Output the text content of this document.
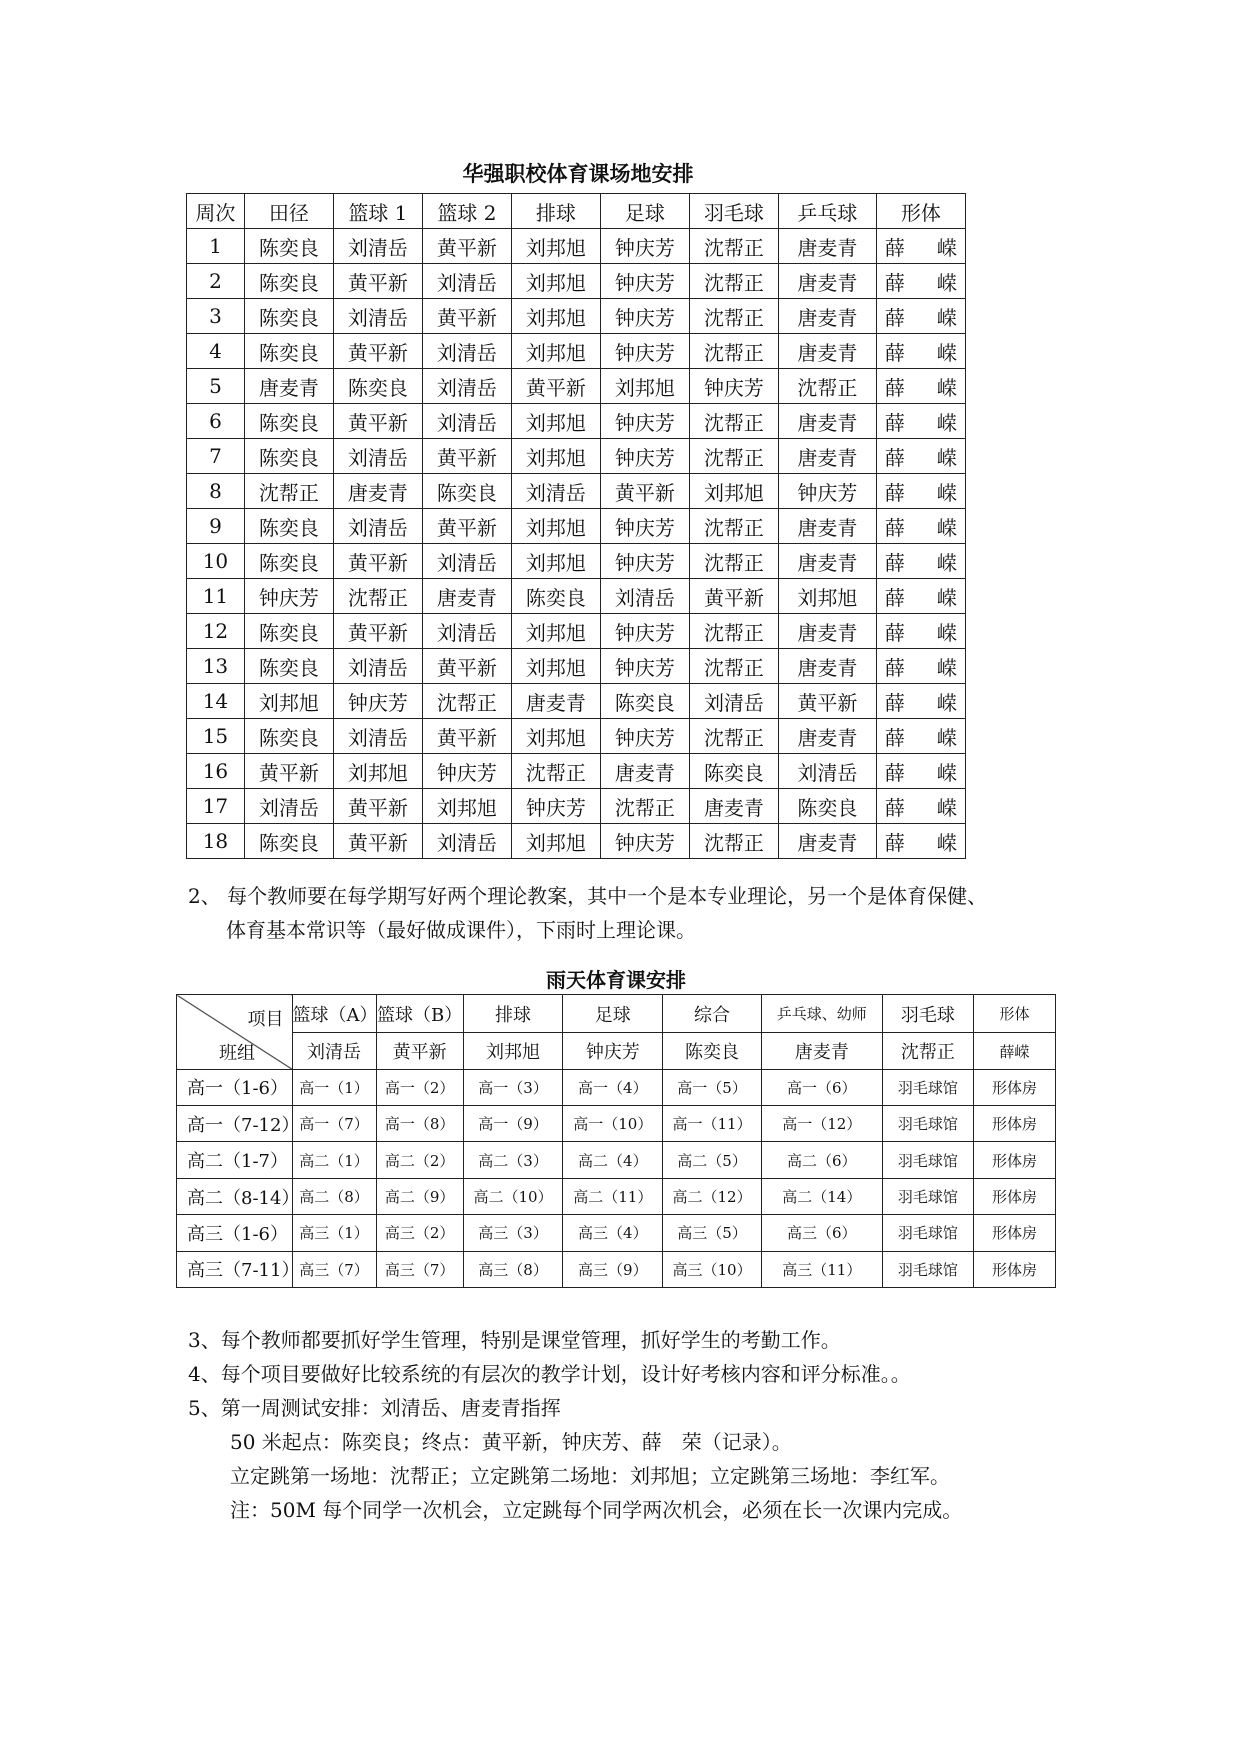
华强职校体育课场地安排
周次	田径	篮球 1	篮球 2	排球	足球	羽毛球	乒乓球	形体
1	陈奕良	刘清岳	黄平新	刘邦旭	钟庆芳	沈帮正	唐麦青	薛 嵘

2	陈奕良	黄平新	刘清岳	刘邦旭	钟庆芳	沈帮正	唐麦青	薛 嵘

3	陈奕良	刘清岳	黄平新	刘邦旭	钟庆芳	沈帮正	唐麦青	薛 嵘

4	陈奕良	黄平新	刘清岳	刘邦旭	钟庆芳	沈帮正	唐麦青	薛 嵘

5	唐麦青	陈奕良	刘清岳	黄平新	刘邦旭	钟庆芳	沈帮正	薛 嵘

6	陈奕良	黄平新	刘清岳	刘邦旭	钟庆芳	沈帮正	唐麦青	薛 嵘

7	陈奕良	刘清岳	黄平新	刘邦旭	钟庆芳	沈帮正	唐麦青	薛 嵘

8	沈帮正	唐麦青	陈奕良	刘清岳	黄平新	刘邦旭	钟庆芳	薛 嵘

9	陈奕良	刘清岳	黄平新	刘邦旭	钟庆芳	沈帮正	唐麦青	薛 嵘

10	陈奕良	黄平新	刘清岳	刘邦旭	钟庆芳	沈帮正	唐麦青	薛 嵘

11	钟庆芳	沈帮正	唐麦青	陈奕良	刘清岳	黄平新	刘邦旭	薛 嵘

12	陈奕良	黄平新	刘清岳	刘邦旭	钟庆芳	沈帮正	唐麦青	薛 嵘

13	陈奕良	刘清岳	黄平新	刘邦旭	钟庆芳	沈帮正	唐麦青	薛 嵘

14	刘邦旭	钟庆芳	沈帮正	唐麦青	陈奕良	刘清岳	黄平新	薛 嵘

15	陈奕良	刘清岳	黄平新	刘邦旭	钟庆芳	沈帮正	唐麦青	薛 嵘

16	黄平新	刘邦旭	钟庆芳	沈帮正	唐麦青	陈奕良	刘清岳	薛 嵘

17	刘清岳	黄平新	刘邦旭	钟庆芳	沈帮正	唐麦青	陈奕良	薛 嵘

18	陈奕良	黄平新	刘清岳	刘邦旭	钟庆芳	沈帮正	唐麦青	薛 嵘
2、 每个教师要在每学期写好两个理论教案，其中一个是本专业理论，另一个是体育保健、
体育基本常识等（最好做成课件），下雨时上理论课。
雨天体育课安排
项目
班组	篮球（A）	篮球（B）	排球	足球	综合	乒乓球、幼师	羽毛球	形体
	刘清岳	黄平新	刘邦旭	钟庆芳	陈奕良	唐麦青	沈帮正	薛嵘
高一（1-6）	高一（1）	高一（2）	高一（3）	高一（4）	高一（5）	高一（6）	羽毛球馆	形体房
高一（7-12）	高一（7）	高一（8）	高一（9）	高一（10）	高一（11）	高一（12）	羽毛球馆	形体房
高二（1-7）	高二（1）	高二（2）	高二（3）	高二（4）	高二（5）	高二（6）	羽毛球馆	形体房
高二（8-14）	高二（8）	高二（9）	高二（10）	高二（11）	高二（12）	高二（14）	羽毛球馆	形体房
高三（1-6）	高三（1）	高三（2）	高三（3）	高三（4）	高三（5）	高三（6）	羽毛球馆	形体房
高三（7-11）	高三（7）	高三（7）	高三（8）	高三（9）	高三（10）	高三（11）	羽毛球馆	形体房
3、每个教师都要抓好学生管理，特别是课堂管理，抓好学生的考勤工作。
4、每个项目要做好比较系统的有层次的教学计划，设计好考核内容和评分标准。。
5、第一周测试安排：刘清岳、唐麦青指挥
50 米起点：陈奕良；终点：黄平新，钟庆芳、薛　荣（记录）。
立定跳第一场地：沈帮正；立定跳第二场地：刘邦旭；立定跳第三场地：李红军。
注：50M 每个同学一次机会，立定跳每个同学两次机会，必须在长一次课内完成。
